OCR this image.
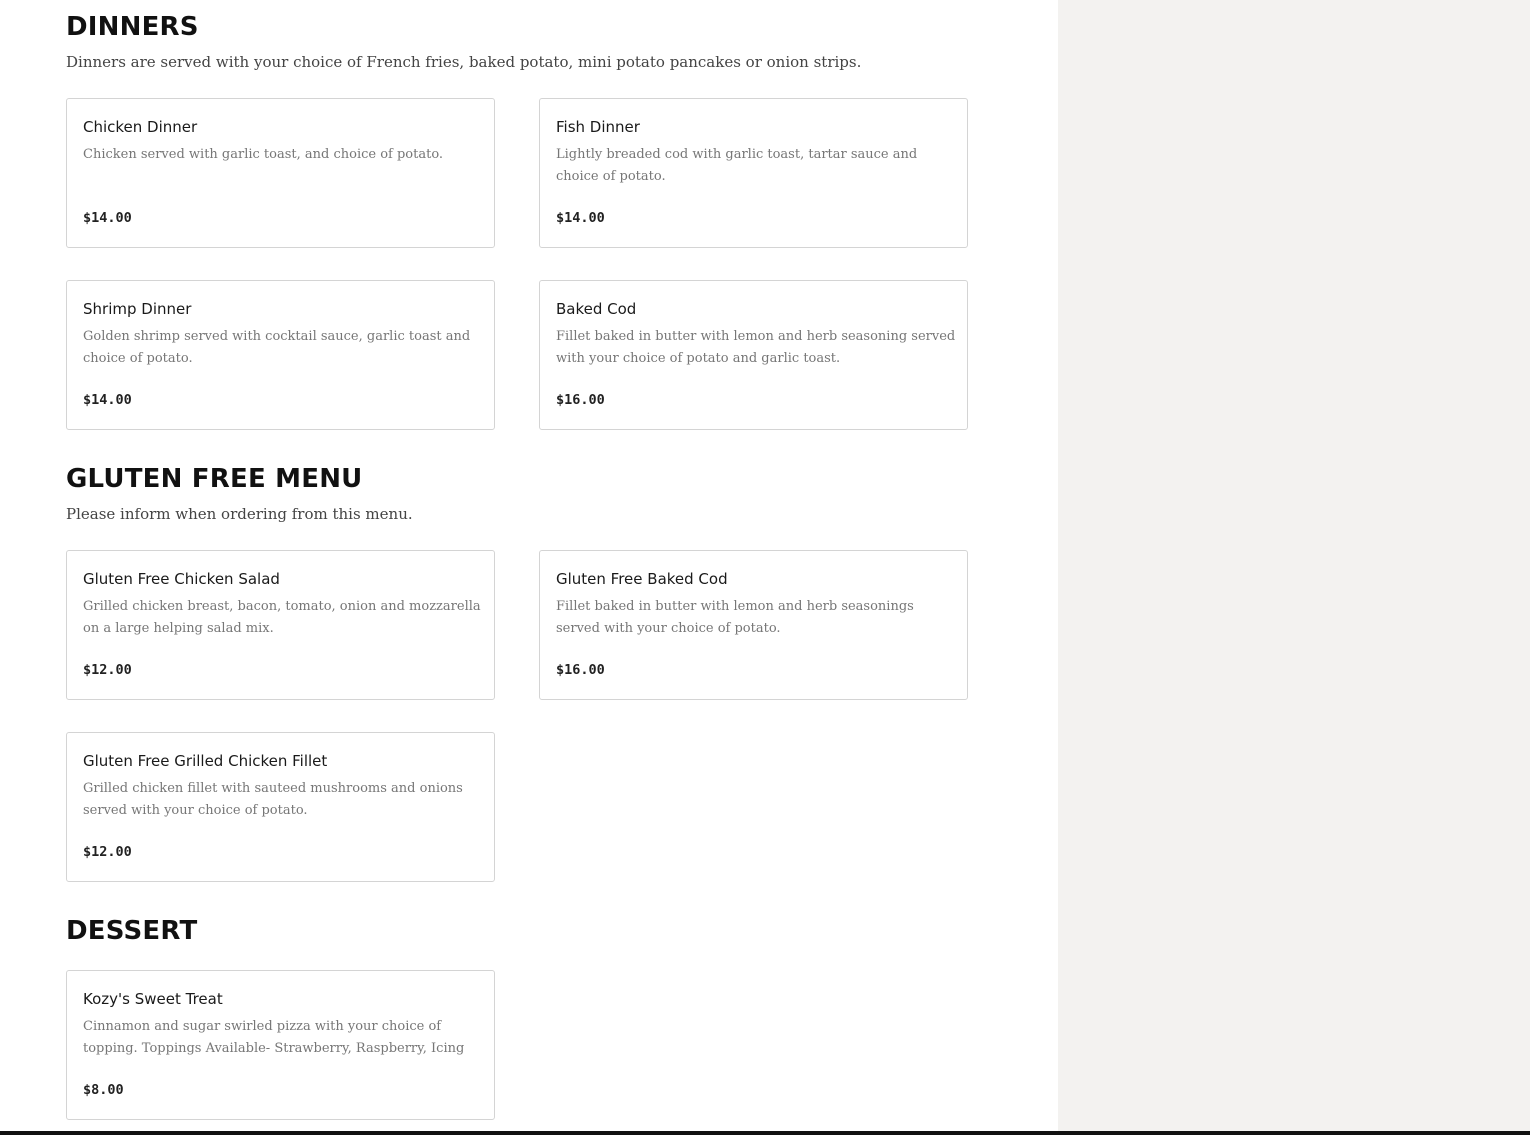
DINNERS

Dinners are served with your choice of French fries, baked potato, mini potato pancakes or onion strips.

Chicken Dinner
Chicken served with garlic toast, and choice of potato.
$14.00
Fish Dinner
Lightly breaded cod with garlic toast, tartar sauce and choice of potato.
$14.00
Shrimp Dinner
Golden shrimp served with cocktail sauce, garlic toast and choice of potato.
$14.00
Baked Cod
Fillet baked in butter with lemon and herb seasoning served with your choice of potato and garlic toast.
$16.00
GLUTEN FREE MENU

Please inform when ordering from this menu.

Gluten Free Chicken Salad
Grilled chicken breast, bacon, tomato, onion and mozzarella on a large helping salad mix.
$12.00
Gluten Free Baked Cod
Fillet baked in butter with lemon and herb seasonings served with your choice of potato.
$16.00
Gluten Free Grilled Chicken Fillet
Grilled chicken fillet with sauteed mushrooms and onions served with your choice of potato.
$12.00
DESSERT
Kozy's Sweet Treat
Cinnamon and sugar swirled pizza with your choice of topping. Toppings Available- Strawberry, Raspberry, Icing
$8.00
